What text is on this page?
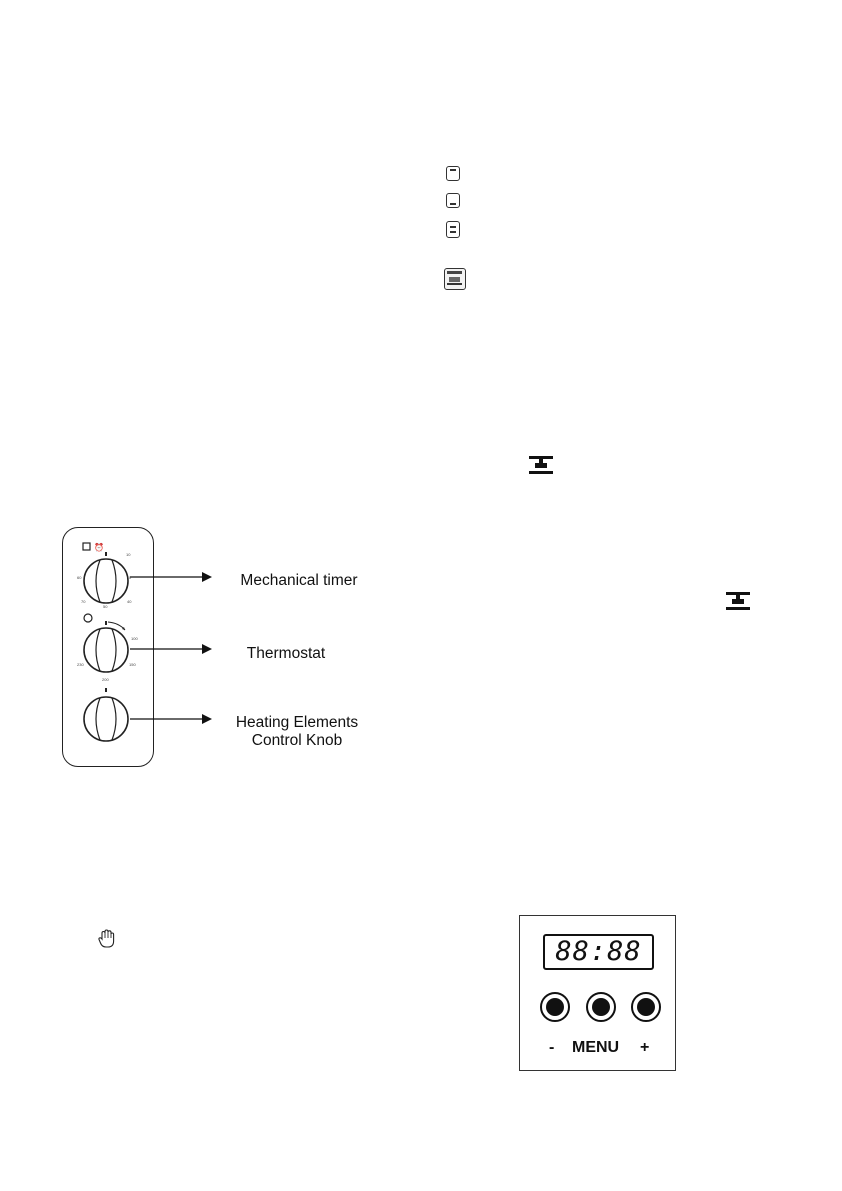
⏰
60	0
10
70	40
50
100
230	150
200
Mechanical timer
Thermostat
Heating Elements
Control Knob
88:88
- MENU +
